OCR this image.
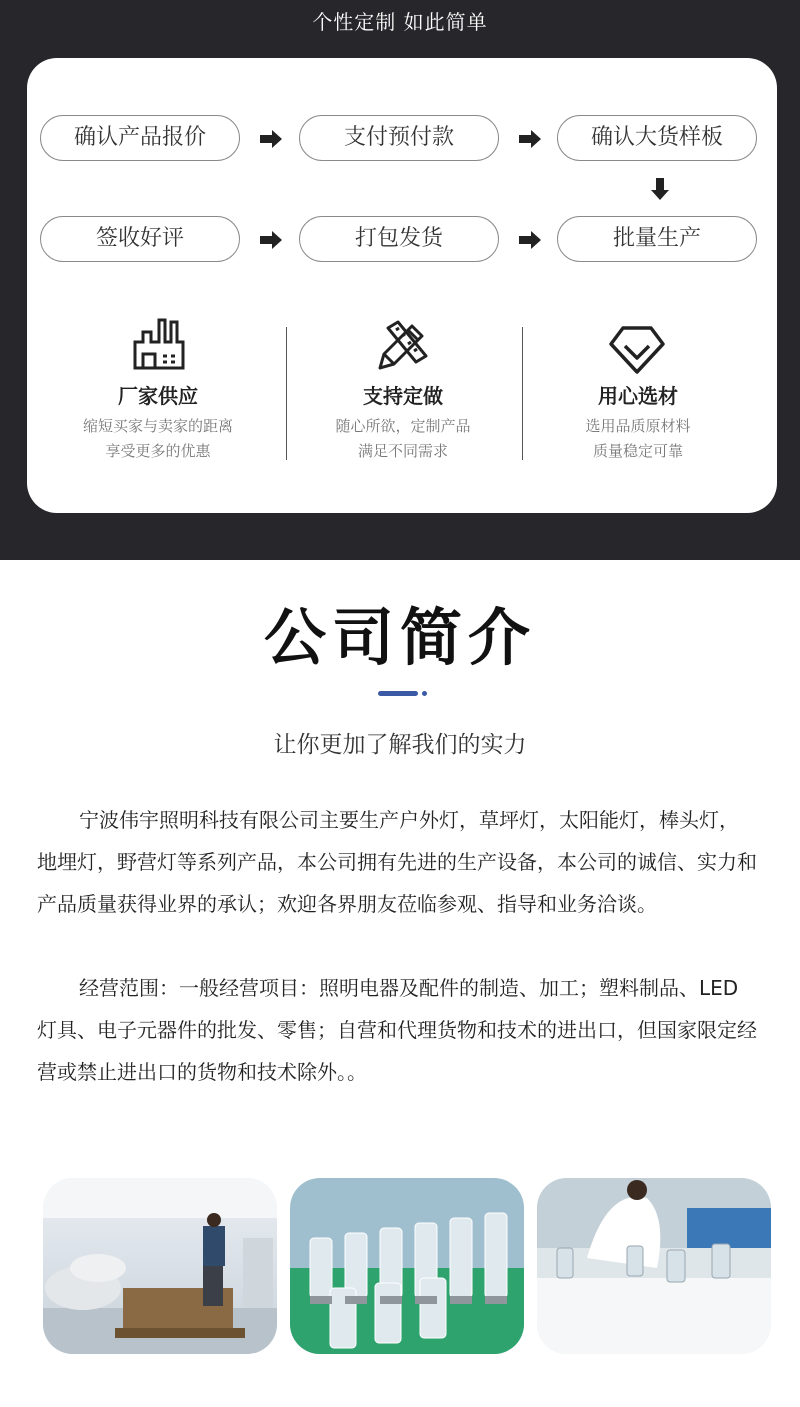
个性定制 如此简单
确认产品报价	支付预付款	确认大货样板
签收好评	打包发货	批量生产
厂家供应
缩短买家与卖家的距离
享受更多的优惠
支持定做
随心所欲，定制产品
满足不同需求
用心选材
选用品质原材料
质量稳定可靠
公司简介
让你更加了解我们的实力
宁波伟宇照明科技有限公司主要生产户外灯，草坪灯，太阳能灯，棒头灯，地埋灯，野营灯等系列产品，本公司拥有先进的生产设备，本公司的诚信、实力和产品质量获得业界的承认；欢迎各界朋友莅临参观、指导和业务洽谈。
经营范围：一般经营项目：照明电器及配件的制造、加工；塑料制品、LED灯具、电子元器件的批发、零售；自营和代理货物和技术的进出口，但国家限定经营或禁止进出口的货物和技术除外。。
